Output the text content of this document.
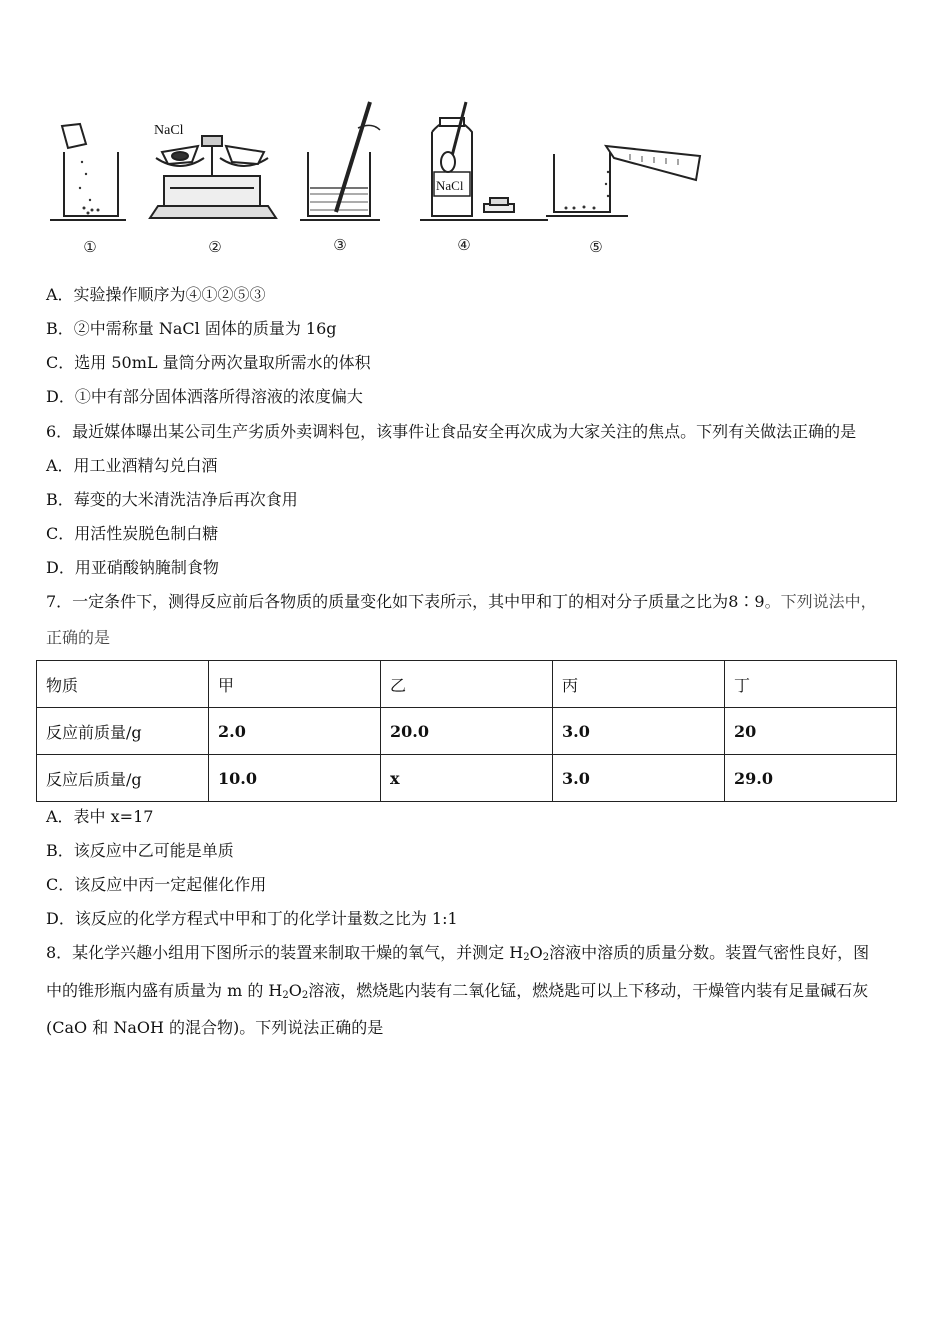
NaCl
NaCl
①	②	③	④	⑤
A．实验操作顺序为④①②⑤③
B．②中需称量 NaCl 固体的质量为 16g
C．选用 50mL 量筒分两次量取所需水的体积
D．①中有部分固体洒落所得溶液的浓度偏大
6．最近媒体曝出某公司生产劣质外卖调料包，该事件让食品安全再次成为大家关注的焦点。下列有关做法正确的是
A．用工业酒精勾兑白酒
B．莓变的大米清洗洁净后再次食用
C．用活性炭脱色制白糖
D．用亚硝酸钠腌制食物
7．一定条件下，测得反应前后各物质的质量变化如下表所示，其中甲和丁的相对分子质量之比为8∶9。下列说法中，
正确的是
物质	甲	乙	丙	丁
反应前质量/g	2.0	20.0	3.0	20
反应后质量/g	10.0	x	3.0	29.0
A．表中 x=17
B．该反应中乙可能是单质
C．该反应中丙一定起催化作用
D．该反应的化学方程式中甲和丁的化学计量数之比为 1:1
8．某化学兴趣小组用下图所示的装置来制取干燥的氧气，并测定 $H_2O_2$溶液中溶质的质量分数。装置气密性良好，图
中的锥形瓶内盛有质量为 m 的 $H_2O_2$溶液，燃烧匙内装有二氧化锰，燃烧匙可以上下移动，干燥管内装有足量碱石灰
(CaO 和 NaOH 的混合物)。下列说法正确的是
